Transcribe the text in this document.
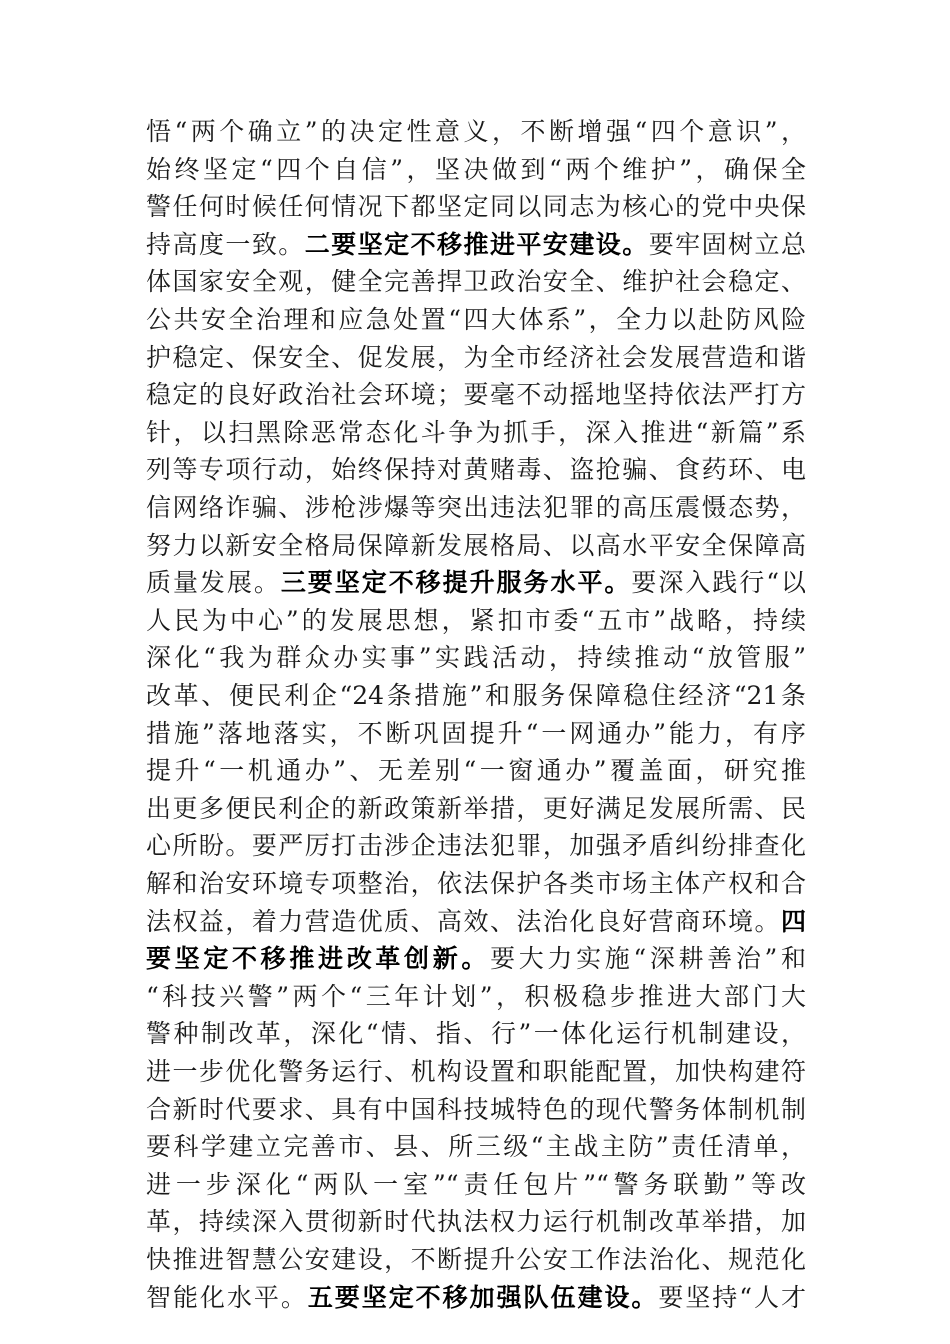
悟“两个确立”的决定性意义，不断增强“四个意识”，
始终坚定“四个自信”，坚决做到“两个维护”，确保全
警任何时候任何情况下都坚定同以同志为核心的党中央保
持高度一致。二要坚定不移推进平安建设。要牢固树立总
体国家安全观，健全完善捍卫政治安全、维护社会稳定、
公共安全治理和应急处置“四大体系”，全力以赴防风险
护稳定、保安全、促发展，为全市经济社会发展营造和谐
稳定的良好政治社会环境；要毫不动摇地坚持依法严打方
针，以扫黑除恶常态化斗争为抓手，深入推进“新篇”系
列等专项行动，始终保持对黄赌毒、盗抢骗、食药环、电
信网络诈骗、涉枪涉爆等突出违法犯罪的高压震慑态势，
努力以新安全格局保障新发展格局、以高水平安全保障高
质量发展。三要坚定不移提升服务水平。要深入践行“以
人民为中心”的发展思想，紧扣市委“五市”战略，持续
深化“我为群众办实事”实践活动，持续推动“放管服”
改革、便民利企“24条措施”和服务保障稳住经济“21条
措施”落地落实，不断巩固提升“一网通办”能力，有序
提升“一机通办”、无差别“一窗通办”覆盖面，研究推
出更多便民利企的新政策新举措，更好满足发展所需、民
心所盼。要严厉打击涉企违法犯罪，加强矛盾纠纷排查化
解和治安环境专项整治，依法保护各类市场主体产权和合
法权益，着力营造优质、高效、法治化良好营商环境。四
要坚定不移推进改革创新。要大力实施“深耕善治”和
“科技兴警”两个“三年计划”，积极稳步推进大部门大
警种制改革，深化“情、指、行”一体化运行机制建设，
进一步优化警务运行、机构设置和职能配置，加快构建符
合新时代要求、具有中国科技城特色的现代警务体制机制
要科学建立完善市、县、所三级“主战主防”责任清单，
进一步深化“两队一室”“责任包片”“警务联勤”等改
革，持续深入贯彻新时代执法权力运行机制改革举措，加
快推进智慧公安建设，不断提升公安工作法治化、规范化
智能化水平。五要坚定不移加强队伍建设。要坚持“人才
